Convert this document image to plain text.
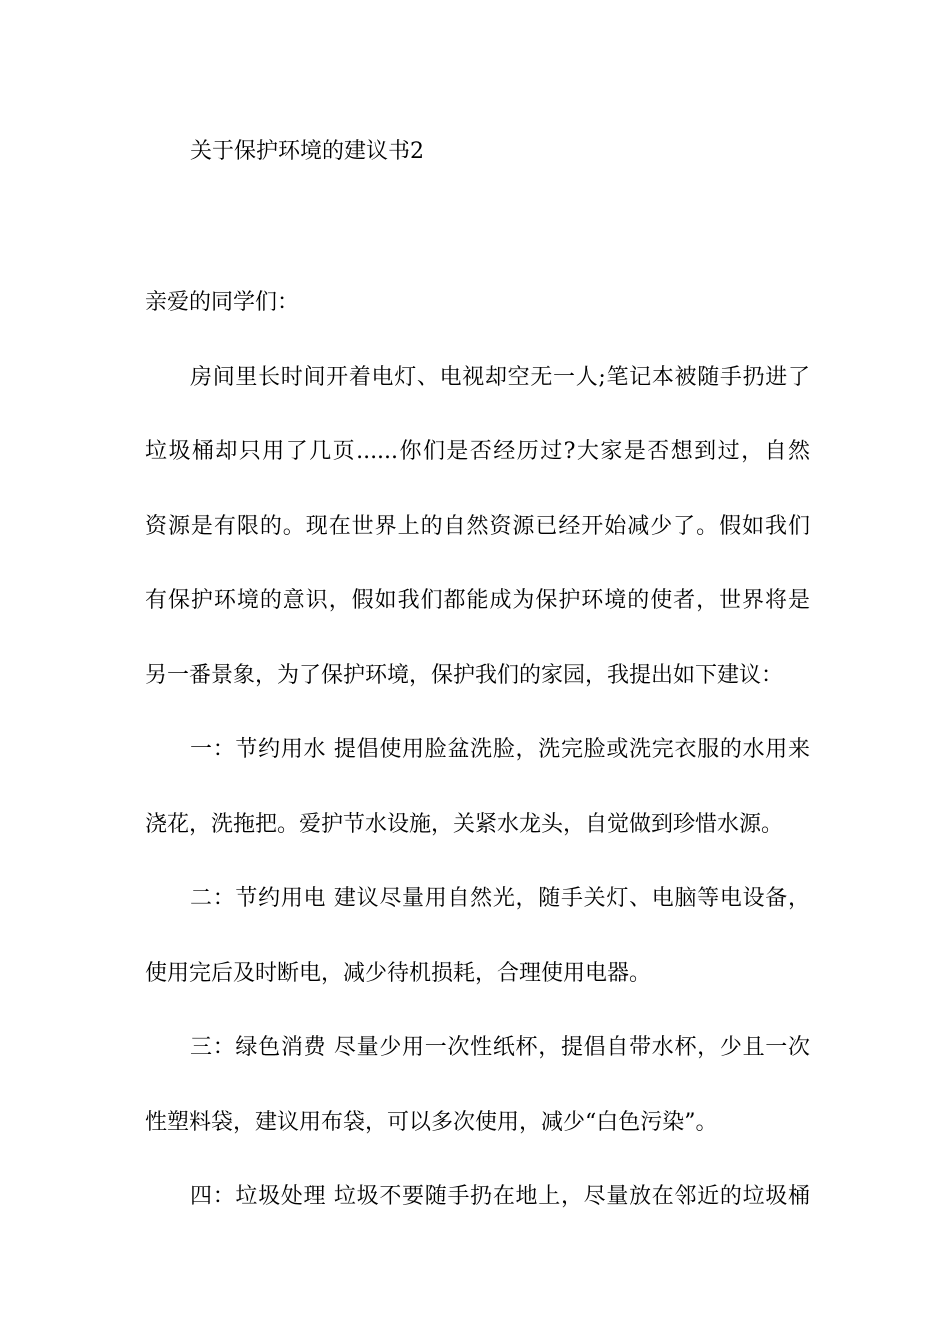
关于保护环境的建议书2
亲爱的同学们：
房间里长时间开着电灯、电视却空无一人;笔记本被随手扔进了
垃圾桶却只用了几页......你们是否经历过?大家是否想到过，自然
资源是有限的。现在世界上的自然资源已经开始减少了。假如我们
有保护环境的意识，假如我们都能成为保护环境的使者，世界将是
另一番景象，为了保护环境，保护我们的家园，我提出如下建议：
一：节约用水 提倡使用脸盆洗脸，洗完脸或洗完衣服的水用来
浇花，洗拖把。爱护节水设施，关紧水龙头，自觉做到珍惜水源。
二：节约用电 建议尽量用自然光，随手关灯、电脑等电设备，
使用完后及时断电，减少待机损耗，合理使用电器。
三：绿色消费 尽量少用一次性纸杯，提倡自带水杯，少且一次
性塑料袋，建议用布袋，可以多次使用，减少“白色污染”。
四：垃圾处理 垃圾不要随手扔在地上，尽量放在邻近的垃圾桶
